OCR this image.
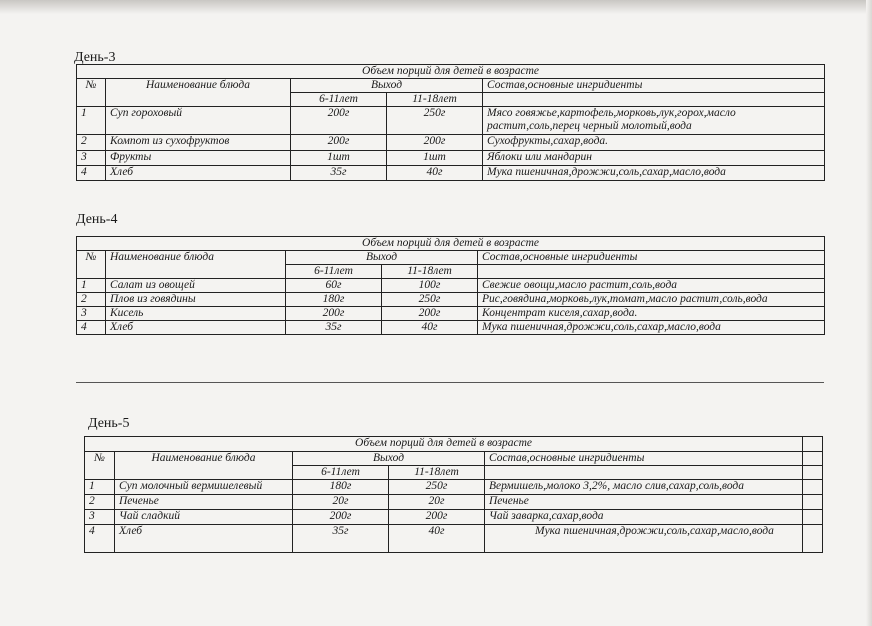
День-3
Объем порций для детей в возрасте				
№	Наименование блюда	Выход		Состав,основные ингридиенты
		6-11лет	11-18лет	
1	Суп гороховый	200г	250г	Мясо говяжье,картофель,морковь,лук,горох,масло растит,соль,перец черный молотый,вода
2	Компот из сухофруктов	200г	200г	Сухофрукты,сахар,вода.
3	Фрукты	1шт	1шт	Яблоки или мандарин
4	Хлеб	35г	40г	Мука пшеничная,дрожжи,соль,сахар,масло,вода
День-4
Объем порций для детей в возрасте				
№	Наименование блюда	Выход		Состав,основные ингридиенты
		6-11лет	11-18лет	
1	Салат из овощей	60г	100г	Свежие овощи,масло растит,соль,вода
2	Плов из говядины	180г	250г	Рис,говядина,морковь,лук,томат,масло растит,соль,вода
3	Кисель	200г	200г	Концентрат киселя,сахар,вода.
4	Хлеб	35г	40г	Мука пшеничная,дрожжи,соль,сахар,масло,вода
День-5
Объем порций для детей в возрасте					
№	Наименование блюда	Выход		Состав,основные ингридиенты	
		6-11лет	11-18лет		
1	Суп молочный вермишелевый	180г	250г	Вермишель,молоко 3,2%, масло слив,сахар,соль,вода	
2	Печенье	20г	20г	Печенье	
3	Чай сладкий	200г	200г	Чай заварка,сахар,вода	
4	Хлеб	35г	40г	Мука пшеничная,дрожжи,соль,сахар,масло,вода	
